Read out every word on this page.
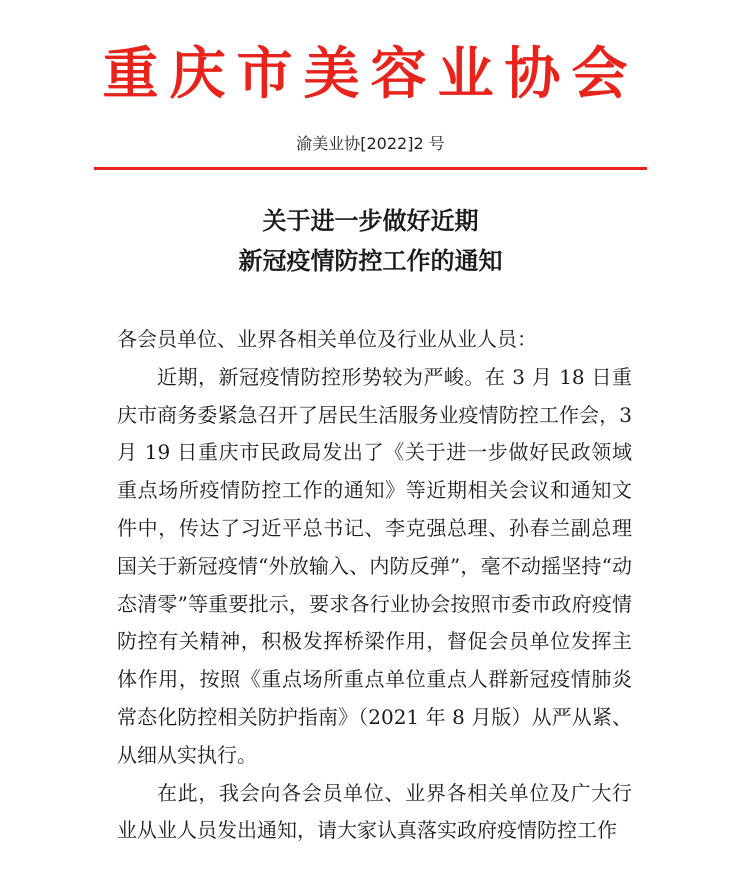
重庆市美容业协会
渝美业协[2022]2 号
关于进一步做好近期
新冠疫情防控工作的通知

各会员单位、业界各相关单位及行业从业人员：

近期，新冠疫情防控形势较为严峻。在 3 月 18 日重庆市商务委紧急召开了居民生活服务业疫情防控工作会，3 月 19 日重庆市民政局发出了《关于进一步做好民政领域重点场所疫情防控工作的通知》等近期相关会议和通知文件中，传达了习近平总书记、李克强总理、孙春兰副总理国关于新冠疫情“外放输入、内防反弹”，毫不动摇坚持“动态清零”等重要批示，要求各行业协会按照市委市政府疫情防控有关精神，积极发挥桥梁作用，督促会员单位发挥主体作用，按照《重点场所重点单位重点人群新冠疫情肺炎常态化防控相关防护指南》（2021 年 8 月版）从严从紧、从细从实执行。

在此，我会向各会员单位、业界各相关单位及广大行业从业人员发出通知，请大家认真落实政府疫情防控工作
